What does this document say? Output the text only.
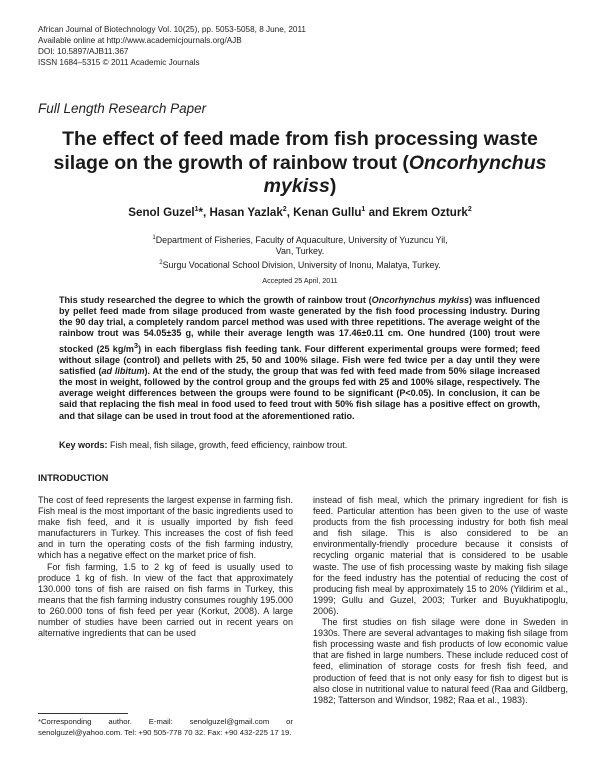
African Journal of Biotechnology Vol. 10(25), pp. 5053-5058, 8 June, 2011
Available online at http://www.academicjournals.org/AJB
DOI: 10.5897/AJB11.367
ISSN 1684–5315 © 2011 Academic Journals
Full Length Research Paper
The effect of feed made from fish processing waste
silage on the growth of rainbow trout (Oncorhynchus
mykiss)
Senol Guzel$^1$*, Hasan Yazlak$^2$, Kenan Gullu$^1$ and Ekrem Ozturk$^2$
$^1$Department of Fisheries, Faculty of Aquaculture, University of Yuzuncu Yil,
Van, Turkey.
$^2$Surgu Vocational School Division, University of Inonu, Malatya, Turkey.
Accepted 25 April, 2011
This study researched the degree to which the growth of rainbow trout (Oncorhynchus mykiss) was influenced by pellet feed made from silage produced from waste generated by the fish food processing industry. During the 90 day trial, a completely random parcel method was used with three repetitions. The average weight of the rainbow trout was 54.05±35 g, while their average length was 17.46±0.11 cm. One hundred (100) trout were stocked (25 $kg/m^3$) in each fiberglass fish feeding tank. Four different experimental groups were formed; feed without silage (control) and pellets with 25, 50 and 100% silage. Fish were fed twice per a day until they were satisfied (ad libitum). At the end of the study, the group that was fed with feed made from 50% silage increased the most in weight, followed by the control group and the groups fed with 25 and 100% silage, respectively. The average weight differences between the groups were found to be significant (P<0.05). In conclusion, it can be said that replacing the fish meal in food used to feed trout with 50% fish silage has a positive effect on growth, and that silage can be used in trout food at the aforementioned ratio.
Key words: Fish meal, fish silage, growth, feed efficiency, rainbow trout.
INTRODUCTION

The cost of feed represents the largest expense in farming fish. Fish meal is the most important of the basic ingredients used to make fish feed, and it is usually imported by fish feed manufacturers in Turkey. This increases the cost of fish feed and in turn the operating costs of the fish farming industry, which has a negative effect on the market price of fish.

For fish farming, 1.5 to 2 kg of feed is usually used to produce 1 kg of fish. In view of the fact that approximately 130.000 tons of fish are raised on fish farms in Turkey, this means that the fish farming industry consumes roughly 195.000 to 260.000 tons of fish feed per year (Korkut, 2008). A large number of studies have been carried out in recent years on alternative ingredients that can be used

instead of fish meal, which the primary ingredient for fish is feed. Particular attention has been given to the use of waste products from the fish processing industry for both fish meal and fish silage. This is also considered to be an environmentally-friendly procedure because it consists of recycling organic material that is considered to be usable waste. The use of fish processing waste by making fish silage for the feed industry has the potential of reducing the cost of producing fish meal by approximately 15 to 20% (Yildirim et al., 1999; Gullu and Guzel, 2003; Turker and Buyukhatipoglu, 2006).

The first studies on fish silage were done in Sweden in 1930s. There are several advantages to making fish silage from fish processing waste and fish products of low economic value that are fished in large numbers. These include reduced cost of feed, elimination of storage costs for fresh fish feed, and production of feed that is not only easy for fish to digest but is also close in nutritional value to natural feed (Raa and Gildberg, 1982; Tatterson and Windsor, 1982; Raa et al., 1983).

*Corresponding author. E-mail: senolguzel@gmail.com or senolguzel@yahoo.com. Tel: +90 505-778 70 32. Fax: +90 432-225 17 19.
